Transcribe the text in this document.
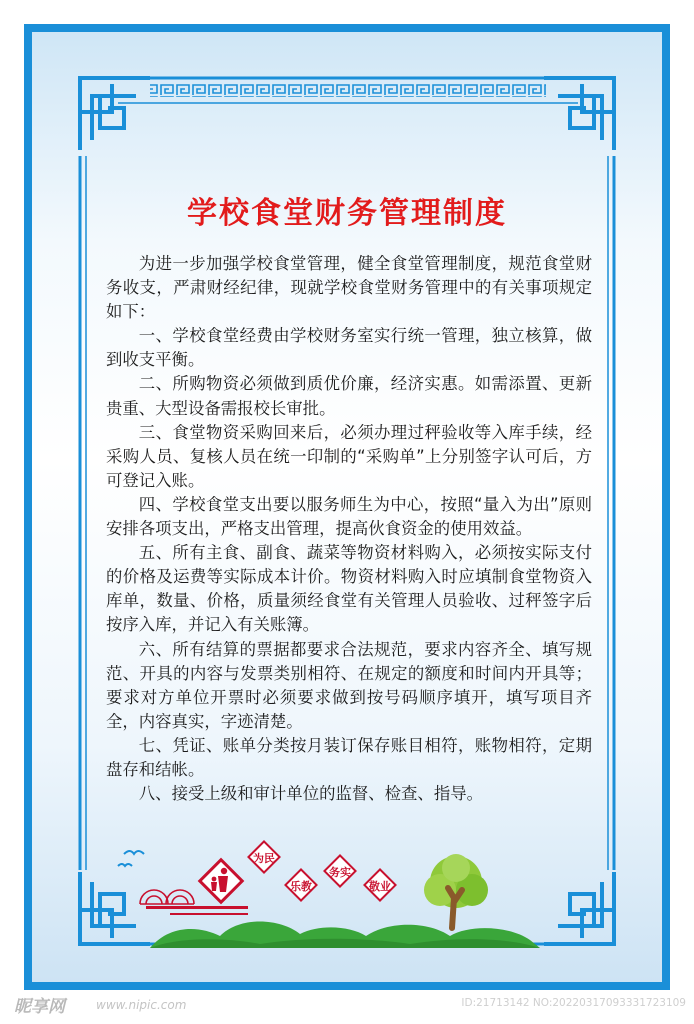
学校食堂财务管理制度

为进一步加强学校食堂管理，健全食堂管理制度，规范食堂财务收支，严肃财经纪律，现就学校食堂财务管理中的有关事项规定如下：

一、学校食堂经费由学校财务室实行统一管理，独立核算，做到收支平衡。

二、所购物资必须做到质优价廉，经济实惠。如需添置、更新贵重、大型设备需报校长审批。

三、食堂物资采购回来后，必须办理过秤验收等入库手续，经采购人员、复核人员在统一印制的“采购单”上分别签字认可后，方可登记入账。

四、学校食堂支出要以服务师生为中心，按照“量入为出”原则安排各项支出，严格支出管理，提高伙食资金的使用效益。

五、所有主食、副食、蔬菜等物资材料购入，必须按实际支付的价格及运费等实际成本计价。物资材料购入时应填制食堂物资入库单，数量、价格，质量须经食堂有关管理人员验收、过秤签字后按序入库，并记入有关账簿。

六、所有结算的票据都要求合法规范，要求内容齐全、填写规范、开具的内容与发票类别相符、在规定的额度和时间内开具等；要求对方单位开票时必须要求做到按号码顺序填开，填写项目齐全，内容真实，字迹清楚。

七、凭证、账单分类按月装订保存账目相符，账物相符，定期盘存和结帐。

八、接受上级和审计单位的监督、检查、指导。

为民
乐教
务实
敬业
昵享网	www.nipic.com	ID:21713142 NO:20220317093331723109
